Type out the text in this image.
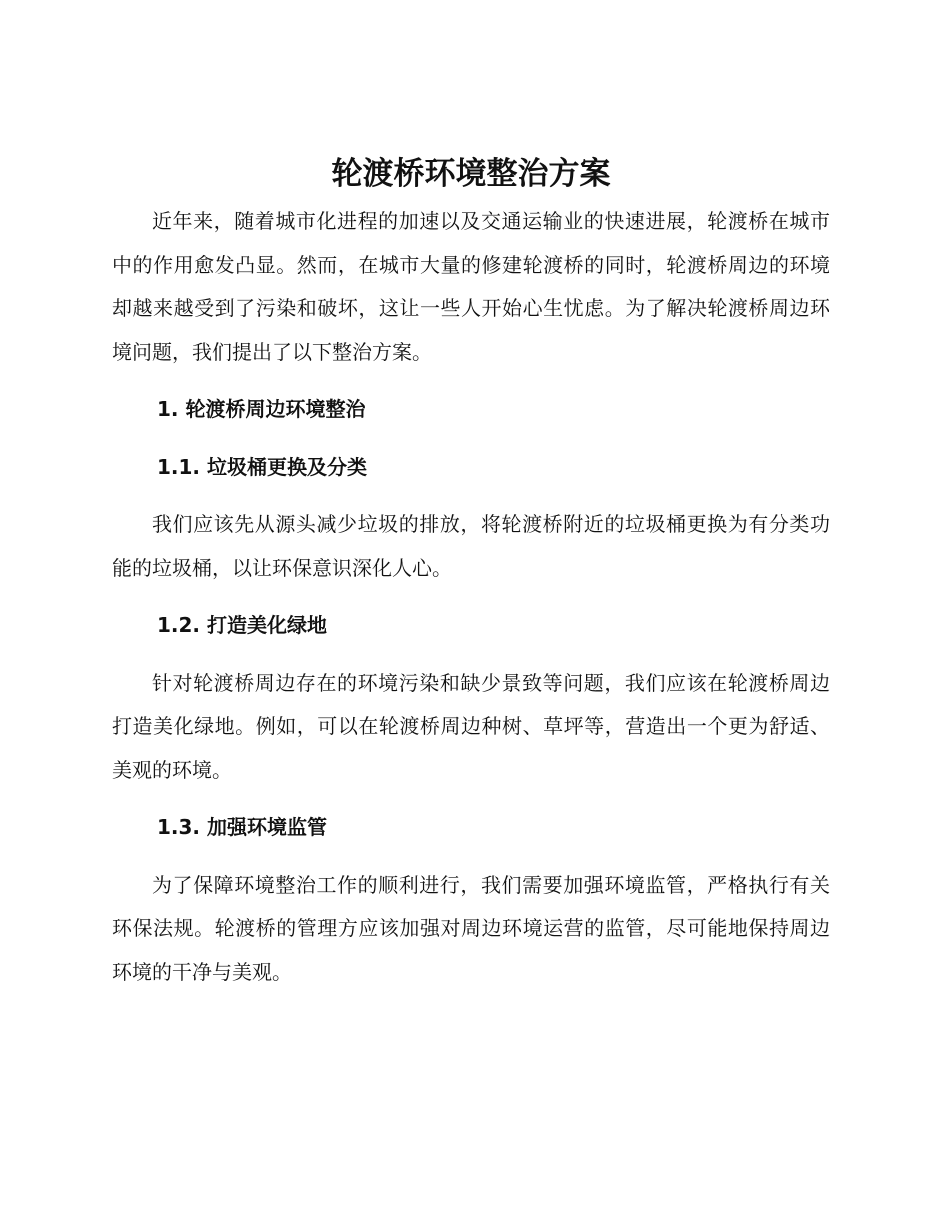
轮渡桥环境整治方案

近年来，随着城市化进程的加速以及交通运输业的快速进展，轮渡桥在城市中的作用愈发凸显。然而，在城市大量的修建轮渡桥的同时，轮渡桥周边的环境却越来越受到了污染和破坏，这让一些人开始心生忧虑。为了解决轮渡桥周边环境问题，我们提出了以下整治方案。

1. 轮渡桥周边环境整治
1.1. 垃圾桶更换及分类

我们应该先从源头减少垃圾的排放，将轮渡桥附近的垃圾桶更换为有分类功能的垃圾桶，以让环保意识深化人心。

1.2. 打造美化绿地

针对轮渡桥周边存在的环境污染和缺少景致等问题，我们应该在轮渡桥周边打造美化绿地。例如，可以在轮渡桥周边种树、草坪等，营造出一个更为舒适、美观的环境。

1.3. 加强环境监管

为了保障环境整治工作的顺利进行，我们需要加强环境监管，严格执行有关环保法规。轮渡桥的管理方应该加强对周边环境运营的监管，尽可能地保持周边环境的干净与美观。
